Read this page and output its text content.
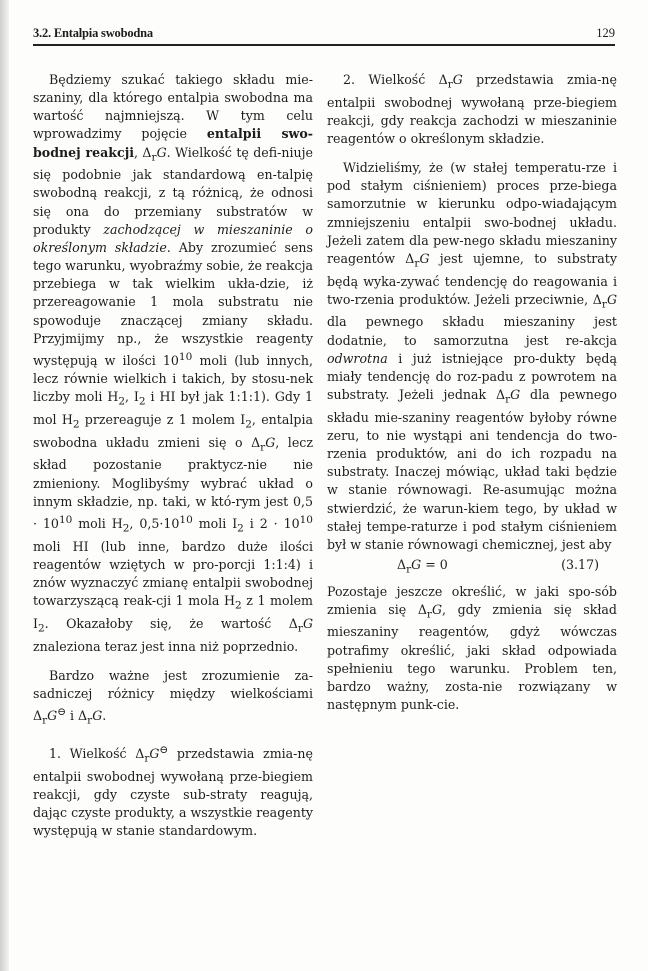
3.2. Entalpia swobodna	129

Będziemy szukać takiego składu mie-szaniny, dla którego entalpia swobodna ma wartość najmniejszą. W tym celu wprowadzimy pojęcie entalpii swo-bodnej reakcji, $\Delta_rG$. Wielkość tę defi-niuje się podobnie jak standardową en-talpię swobodną reakcji, z tą różnicą, że odnosi się ona do przemiany substratów w produkty zachodzącej w mieszaninie o określonym składzie. Aby zrozumieć sens tego warunku, wyobraźmy sobie, że reakcja przebiega w tak wielkim ukła-dzie, iż przereagowanie 1 mola substratu nie spowoduje znaczącej zmiany składu. Przyjmijmy np., że wszystkie reagenty występują w ilości $10^{10}$ moli (lub innych, lecz równie wielkich i takich, by stosu-nek liczby moli $H_2$, $I_2$ i HI był jak 1:1:1). Gdy 1 mol $H_2$ przereaguje z 1 molem $I_2$, entalpia swobodna układu zmieni się o $\Delta_rG$, lecz skład pozostanie praktycz-nie nie zmieniony. Moglibyśmy wybrać układ o innym składzie, np. taki, w któ-rym jest $0,5 \cdot 10^{10}$ moli $H_2$, $0,5\cdot 10^{10}$ moli $I_2$ i $2 \cdot 10^{10}$ moli HI (lub inne, bardzo duże ilości reagentów wziętych w pro-porcji 1:1:4) i znów wyznaczyć zmianę entalpii swobodnej towarzyszącą reak-cji 1 mola $H_2$ z 1 molem $I_2$. Okazałoby się, że wartość $\Delta_rG$ znaleziona teraz jest inna niż poprzednio.

Bardzo ważne jest zrozumienie za-sadniczej różnicy między wielkościami $\Delta_rG^⊖$ i $\Delta_rG$.

1. Wielkość $\Delta_rG^⊖$ przedstawia zmia-nę entalpii swobodnej wywołaną prze-biegiem reakcji, gdy czyste sub-straty reagują, dając czyste produkty, a wszystkie reagenty występują w stanie standardowym.

2. Wielkość $\Delta_rG$ przedstawia zmia-nę entalpii swobodnej wywołaną prze-biegiem reakcji, gdy reakcja zachodzi w mieszaninie reagentów o określonym składzie.

Widzieliśmy, że (w stałej temperatu-rze i pod stałym ciśnieniem) proces prze-biega samorzutnie w kierunku odpo-wiadającym zmniejszeniu entalpii swo-bodnej układu. Jeżeli zatem dla pew-nego składu mieszaniny reagentów $\Delta_rG$ jest ujemne, to substraty będą wyka-zywać tendencję do reagowania i two-rzenia produktów. Jeżeli przeciwnie, $\Delta_rG$ dla pewnego składu mieszaniny jest dodatnie, to samorzutna jest re-akcja odwrotna i już istniejące pro-dukty będą miały tendencję do roz-padu z powrotem na substraty. Jeżeli jednak $\Delta_rG$ dla pewnego składu mie-szaniny reagentów byłoby równe zeru, to nie wystąpi ani tendencja do two-rzenia produktów, ani do ich rozpadu na substraty. Inaczej mówiąc, układ taki będzie w stanie równowagi. Re-asumując można stwierdzić, że warun-kiem tego, by układ w stałej tempe-raturze i pod stałym ciśnieniem był w stanie równowagi chemicznej, jest aby

$\Delta_rG = 0$	(3.17)

Pozostaje jeszcze określić, w jaki spo-sób zmienia się $\Delta_rG$, gdy zmienia się skład mieszaniny reagentów, gdyż wówczas potrafimy określić, jaki skład odpowiada spełnieniu tego warunku. Problem ten, bardzo ważny, zosta-nie rozwiązany w następnym punk-cie.
